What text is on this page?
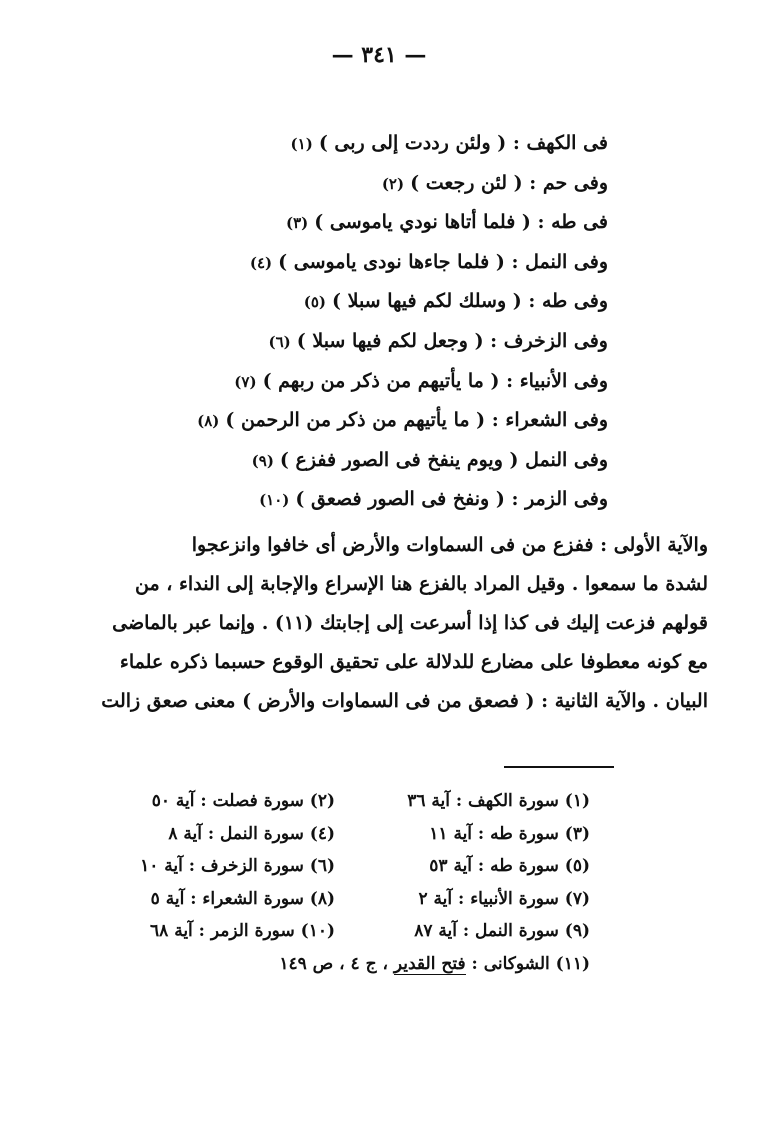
— ٣٤١ —
فى الكهف : ( ولئن رددت إلى ربى )(١)
وفى حم : ( لئن رجعت )(٢)
فى طه : ( فلما أتاها نودي ياموسى )(٣)
وفى النمل : ( فلما جاءها نودى ياموسى )(٤)
وفى طه : ( وسلك لكم فيها سبلا )(٥)
وفى الزخرف : ( وجعل لكم فيها سبلا )(٦)
وفى الأنبياء : ( ما يأتيهم من ذكر من ربهم )(٧)
وفى الشعراء : ( ما يأتيهم من ذكر من الرحمن )(٨)
وفى النمل ( ويوم ينفخ فى الصور ففزع )(٩)
وفى الزمر : ( ونفخ فى الصور فصعق )(١٠)
والآية الأولى : ففزع من فى السماوات والأرض أى خافوا وانزعجوا
لشدة ما سمعوا . وقيل المراد بالفزع هنا الإسراع والإجابة إلى النداء ، من
قولهم فزعت إليك فى كذا إذا أسرعت إلى إجابتك (١١) . وإنما عبر بالماضى
مع كونه معطوفا على مضارع للدلالة على تحقيق الوقوع حسبما ذكره علماء
البيان . والآية الثانية : ( فصعق من فى السماوات والأرض ) معنى صعق زالت
(١) سورة الكهف : آية ٣٦
(٢) سورة فصلت : آية ٥٠
(٣) سورة طه : آية ١١
(٤) سورة النمل : آية ٨
(٥) سورة طه : آية ٥٣
(٦) سورة الزخرف : آية ١٠
(٧) سورة الأنبياء : آية ٢
(٨) سورة الشعراء : آية ٥
(٩) سورة النمل : آية ٨٧
(١٠) سورة الزمر : آية ٦٨
(١١) الشوكانى : فتح القدير ، ج ٤ ، ص ١٤٩
